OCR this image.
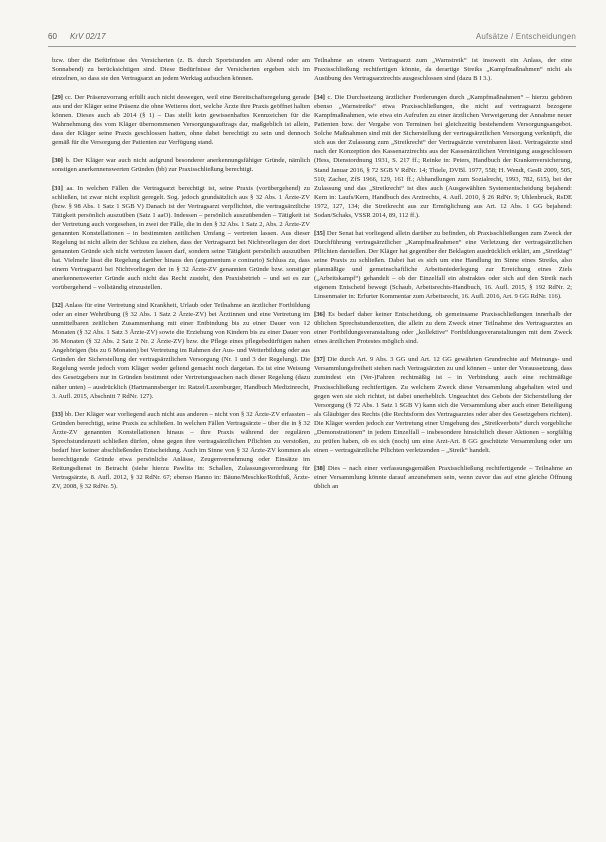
60 KrV 02/17	Aufsätze / Entscheidungen

bzw. über die Befürfnisse des Versicherten (z. B. durch Sportstunden am Abend oder am Sonnabend) zu berücksichtigen sind. Diese Bedürfnisse der Versicherten ergeben sich im einzelnen, so dass sie den Vertragsarzt an jedem Werktag aufsuchen können.

[29] cc. Der Präsenzvorrang erfüllt auch nicht deswegen, weil eine Bereitschaftsregelung gerade aus und der Kläger seine Präsenz die ohne Weiteres dort, welche Ärzte ihre Praxis geöffnet halten können. Dieses auch ab 2014 (§ 1) – Das stellt kein gewissenhaftes Kennzeichen für die Wahrnehmung des vom Kläger übernommenen Versorgungsauftrags dar, maßgeblich ist allein, dass der Kläger seine Praxis geschlossen hatten, ohne dabei berechtigt zu sein und dennoch gemäß für die Versorgung der Patienten zur Verfügung stand.

[30] b. Der Kläger war auch nicht aufgrund besonderer anerkennungsfähiger Gründe, nämlich sonstigen anerkennenswerten Gründen (bb) zur Praxisschließung berechtigt.

[31] aa. In welchen Fällen die Vertragsarzt berechtigt ist, seine Praxis (vorübergehend) zu schließen, ist zwar nicht explizit geregelt. Sog. jedoch grundsätzlich aus § 32 Abs. 1 Ärzte-ZV (bzw. § 98 Abs. 1 Satz 1 SGB V) Danach ist der Vertragsarzt verpflichtet, die vertragsärztliche Tätigkeit persönlich auszuüben (Satz 1 aaO). Indessen – persönlich auszuübenden – Tätigkeit ist der Vertretung auch vorgesehen, in zwei der Fälle, die in den § 32 Abs. 1 Satz 2, Abs. 2 Ärzte-ZV genannten Konstellationen – in bestimmten zeitlichen Umfang – vertreten lassen. Aus dieser Regelung ist nicht allein der Schluss zu ziehen, dass der Vertragsarzt bei Nichtvorliegen der dort genannten Gründe sich nicht vertreten lassen darf, sondern seine Tätigkeit persönlich auszuüben hat. Vielmehr lässt die Regelung darüber hinaus den (argumentum e contrario) Schluss zu, dass einem Vertragsarzt bei Nichtvorliegen der in § 32 Ärzte-ZV genannten Gründe bzw. sonstiger anerkennenswerter Gründe auch nicht das Recht zusteht, den Praxisbetrieb – und sei es zur vorübergehend – vollständig einzustellen.

[32] Anlass für eine Vertretung sind Krankheit, Urlaub oder Teilnahme an ärztlicher Fortbildung oder an einer Wehrübung (§ 32 Abs. 1 Satz 2 Ärzte-ZV) bei Ärztinnen und eine Vertretung im unmittelbaren zeitlichen Zusammenhang mit einer Entbindung bis zu einer Dauer von 12 Monaten (§ 32 Abs. 1 Satz 3 Ärzte-ZV) sowie die Erziehung von Kindern bis zu einer Dauer von 36 Monaten (§ 32 Abs. 2 Satz 2 Nr. 2 Ärzte-ZV) bzw. die Pflege eines pflegebedürftigen nahen Angehörigen (bis zu 6 Monaten) bei Vertretung im Rahmen der Aus- und Weiterbildung oder aus Gründen der Sicherstellung der vertragsärztlichen Versorgung (Nr. 1 und 3 der Regelung). Die Regelung werde jedoch vom Kläger weder geltend gemacht noch dargetan. Es ist eine Weisung des Gesetzgebers nur in Gründen bestimmt oder Vertretungssachen nach dieser Regelung (dazu näher unten) – ausdrücklich (Hartmannsberger in: Ratzel/Luxenburger, Handbuch Medizinrecht, 3. Aufl. 2015, Abschnitt 7 RdNr. 127).

[33] bb. Der Kläger war vorliegend auch nicht aus anderen – nicht von § 32 Ärzte-ZV erfassten – Gründen berechtigt, seine Praxis zu schließen. In welchen Fällen Vertragsärzte – über die in § 32 Ärzte-ZV genannten Konstellationen hinaus – ihre Praxis während der regulären Sprechstundenzeit schließen dürfen, ohne gegen ihre vertragsärztlichen Pflichten zu verstoßen, bedarf hier keiner abschließenden Entscheidung. Auch im Sinne von § 32 Ärzte-ZV kommen als berechtigende Gründe etwa persönliche Anlässe, Zeugenvernehmung oder Einsätze im Rettungsdienst in Betracht (siehe hierzu Pawlita in: Schallen, Zulassungsverordnung für Vertragsärzte, 8. Aufl. 2012, § 32 RdNr. 67; ebenso Hanno in: Bäune/Meschke/Rothfuß, Ärzte-ZV, 2008, § 32 RdNr. 5).

Teilnahme an einem Vertragsarzt zum „Warnstreik“ ist insoweit ein Anlass, der eine Praxisschließung rechtfertigen könnte, da derartige Streiks „Kampfmaßnahmen“ nicht als Ausübung des Vertragsarztrechts ausgeschlossen sind (dazu B I 3.).

[34] c. Die Durchsetzung ärztlicher Forderungen durch „Kampfmaßnahmen“ – hierzu gehören ebenso „Warnstreiks“ etwa Praxisschließungen, die nicht auf vertragsarzt bezogene Kampfmaßnahmen, wie etwa ein Aufrufen zu einer ärztlichen Verweigerung der Annahme neuer Patienten bzw. der Vergabe von Terminen bei gleichzeitig bestehendem Versorgungsangebot. Solche Maßnahmen sind mit der Sicherstellung der vertragsärztlichen Versorgung verknüpft, die sich aus der Zulassung zum „Streikrecht“ der Vertragsärzte vereinbaren lässt. Vertragsärzte sind nach der Konzeption des Kassenarztrechts aus der Kassenärztlichen Vereinigung ausgeschlossen (Hess, Dienstordnung 1931, S. 217 ff.; Reinke in: Peters, Handbuch der Krankenversicherung, Stand Januar 2016, § 72 SGB V RdNr. 14; Thiele, DVBl. 1977, 558; H. Wendt, GesR 2009, 505, 510; Zacher, ZfS 1966, 129, 161 ff.; Abhandlungen zum Sozialrecht, 1993, 782, 615), bei der Zulassung und das „Streikrecht“ ist dies auch (Ausgewählten Systementscheidung bejahend: Kern in: Laufs/Kern, Handbuch des Arztrechts, 4. Aufl. 2010, § 26 RdNr. 9; Uhlenbruck, RsDE 1972, 127, 134; die Streikrecht aus zur Ermöglichung aus Art. 12 Abs. 1 GG bejahend: Sodan/Schaks, VSSR 2014, 89, 112 ff.).

[35] Der Senat hat vorliegend allein darüber zu befinden, ob Praxisschließungen zum Zweck der Durchführung vertragsärztlicher „Kampfmaßnahmen“ eine Verletzung der vertragsärztlichen Pflichten darstellen. Der Kläger hat gegenüber der Beklagten ausdrücklich erklärt, am „Streiktag“ seine Praxis zu schließen. Dabei hat es sich um eine Handlung im Sinne eines Streiks, also planmäßige und gemeinschaftliche Arbeitsniederlegung zur Erreichung eines Ziels („Arbeitskampf“) gehandelt – ob der Einzelfall ein abstraktes oder sich auf den Streik nach eigenem Entscheid bewegt (Schaub, Arbeitsrechts-Handbuch, 16. Aufl. 2015, § 192 RdNr. 2; Linsenmaier in: Erfurter Kommentar zum Arbeitsrecht, 16. Aufl. 2016, Art. 9 GG RdNr. 116).

[36] Es bedarf daher keiner Entscheidung, ob gemeinsame Praxisschließungen innerhalb der üblichen Sprechstundenzeiten, die allein zu dem Zweck einer Teilnahme des Vertragsarztes an einer Fortbildungsveranstaltung oder „kollektive“ Fortbildungsveranstaltungen mit dem Zweck eines ärztlichen Protestes möglich sind.

[37] Die durch Art. 9 Abs. 3 GG und Art. 12 GG gewährten Grundrechte auf Meinungs- und Versammlungsfreiheit stehen nach Vertragsärzten zu und können – unter der Voraussetzung, dass zumindest ein (Ver-)Fahren rechtmäßig ist – in Verbindung auch eine rechtmäßige Praxisschließung rechtfertigen. Zu welchem Zweck diese Versammlung abgehalten wird und gegen wen sie sich richtet, ist dabei unerheblich. Ungeachtet des Gebots der Sicherstellung der Versorgung (§ 72 Abs. 1 Satz 1 SGB V) kann sich die Versammlung aber auch einer Beteiligung als Gläubiger des Rechts (die Rechtsform des Vertragsarztes oder aber des Gesetzgebers richten). Die Kläger werden jedoch zur Vertretung einer Umgehung des „Streikverbots“ durch vorgebliche „Demonstrationen“ in jedem Einzelfall – insbesondere hinsichtlich dieser Aktionen – sorgfältig zu prüfen haben, ob es sich (noch) um eine Arzt-Art. 8 GG geschützte Versammlung oder um einen – vertragsärztliche Pflichten verletzenden – „Streik“ handelt.

[38] Dies – nach einer verfassungsgemäßen Praxisschließung rechtfertigende – Teilnahme an einer Versammlung könnte darauf anzunehmen sein, wenn zuvor das auf eine gleiche Öffnung üblich an
